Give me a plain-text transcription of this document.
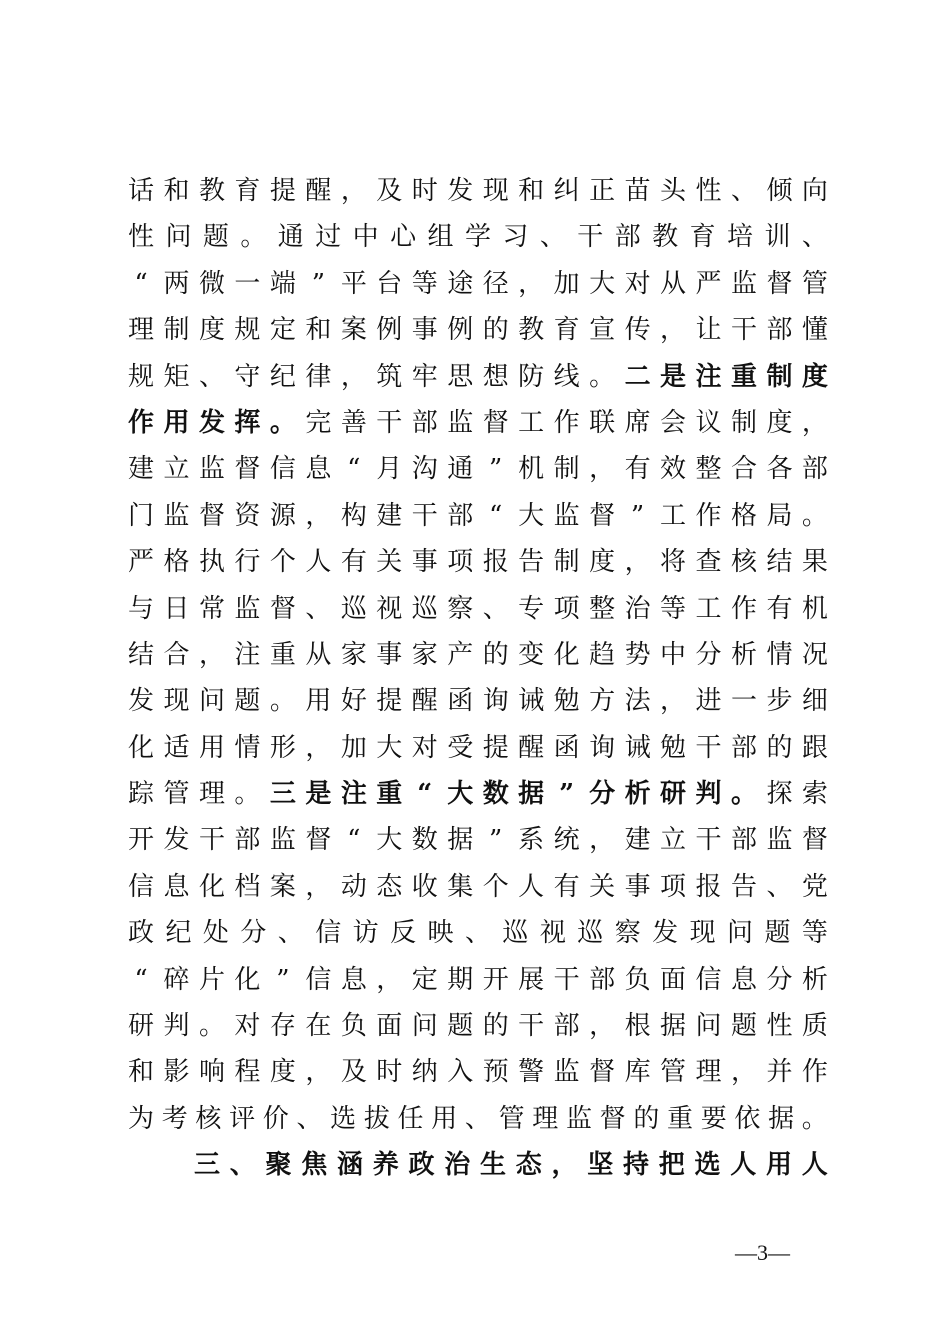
话 和 教 育 提 醒 ， 及 时 发 现 和 纠 正 苗 头 性 、 倾 向
性 问 题 。 通 过 中 心 组 学 习 、 干 部 教 育 培 训 、
“ 两 微 一 端 ” 平 台 等 途 径 ， 加 大 对 从 严 监 督 管
理 制 度 规 定 和 案 例 事 例 的 教 育 宣 传 ， 让 干 部 懂
规 矩 、 守 纪 律 ， 筑 牢 思 想 防 线 。 二 是 注 重 制 度
作 用 发 挥 。 完 善 干 部 监 督 工 作 联 席 会 议 制 度 ，
建 立 监 督 信 息 “ 月 沟 通 ” 机 制 ， 有 效 整 合 各 部
门 监 督 资 源 ， 构 建 干 部 “ 大 监 督 ” 工 作 格 局 。
严 格 执 行 个 人 有 关 事 项 报 告 制 度 ， 将 查 核 结 果
与 日 常 监 督 、 巡 视 巡 察 、 专 项 整 治 等 工 作 有 机
结 合 ， 注 重 从 家 事 家 产 的 变 化 趋 势 中 分 析 情 况
发 现 问 题 。 用 好 提 醒 函 询 诫 勉 方 法 ， 进 一 步 细
化 适 用 情 形 ， 加 大 对 受 提 醒 函 询 诫 勉 干 部 的 跟
踪 管 理 。 三 是 注 重 “ 大 数 据 ” 分 析 研 判 。 探 索
开 发 干 部 监 督 “ 大 数 据 ” 系 统 ， 建 立 干 部 监 督
信 息 化 档 案 ， 动 态 收 集 个 人 有 关 事 项 报 告 、 党
政 纪 处 分 、 信 访 反 映 、 巡 视 巡 察 发 现 问 题 等
“ 碎 片 化 ” 信 息 ， 定 期 开 展 干 部 负 面 信 息 分 析
研 判 。 对 存 在 负 面 问 题 的 干 部 ， 根 据 问 题 性 质
和 影 响 程 度 ， 及 时 纳 入 预 警 监 督 库 管 理 ， 并 作
为 考 核 评 价 、 选 拔 任 用 、 管 理 监 督 的 重 要 依 据 。
三 、 聚 焦 涵 养 政 治 生 态 ， 坚 持 把 选 人 用 人
—3—
